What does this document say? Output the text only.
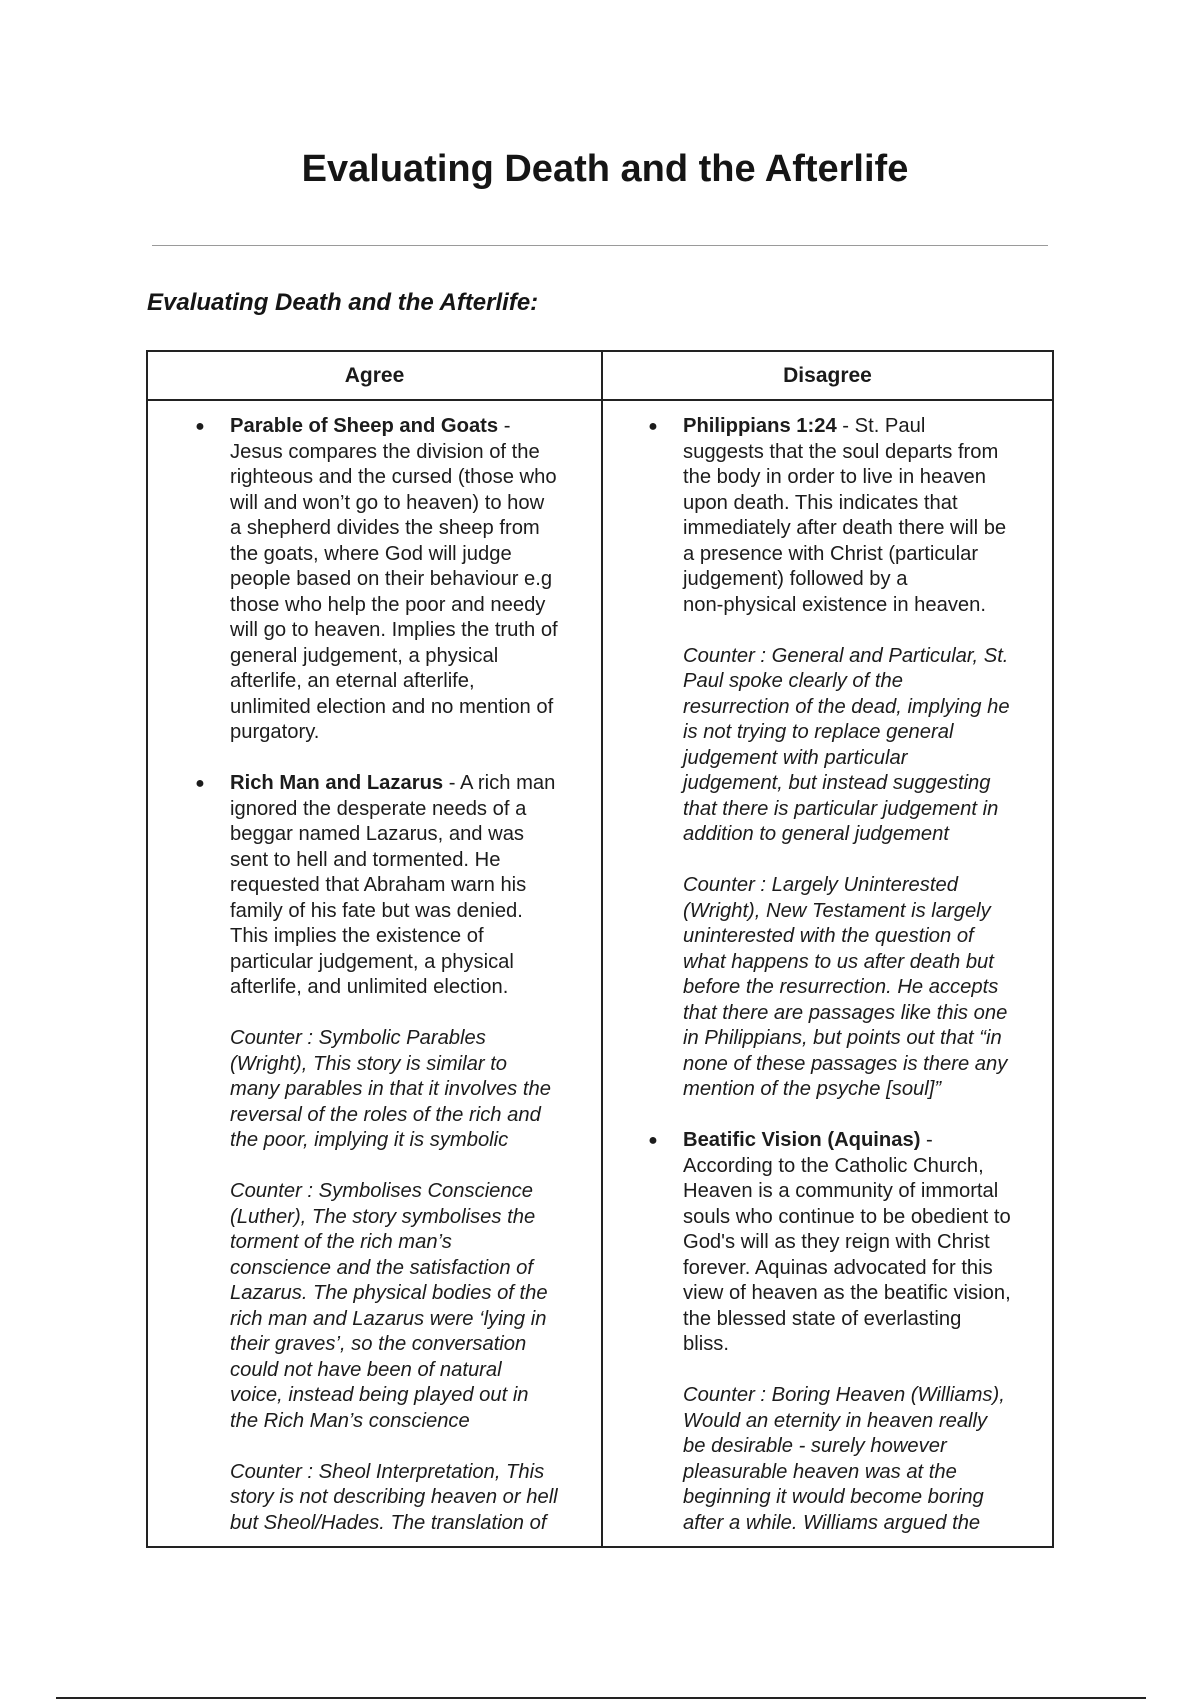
Evaluating Death and the Afterlife
Evaluating Death and the Afterlife:
Agree	Disagree
● Parable of Sheep and Goats -
Jesus compares the division of the
righteous and the cursed (those who
will and won’t go to heaven) to how
a shepherd divides the sheep from
the goats, where God will judge
people based on their behaviour e.g
those who help the poor and needy
will go to heaven. Implies the truth of
general judgement, a physical
afterlife, an eternal afterlife,
unlimited election and no mention of
purgatory.

● Rich Man and Lazarus - A rich man
ignored the desperate needs of a
beggar named Lazarus, and was
sent to hell and tormented. He
requested that Abraham warn his
family of his fate but was denied.
This implies the existence of
particular judgement, a physical
afterlife, and unlimited election.

Counter : Symbolic Parables
(Wright), This story is similar to
many parables in that it involves the
reversal of the roles of the rich and
the poor, implying it is symbolic

Counter : Symbolises Conscience
(Luther), The story symbolises the
torment of the rich man’s
conscience and the satisfaction of
Lazarus. The physical bodies of the
rich man and Lazarus were ‘lying in
their graves’, so the conversation
could not have been of natural
voice, instead being played out in
the Rich Man’s conscience

Counter : Sheol Interpretation, This
story is not describing heaven or hell
but Sheol/Hades. The translation of

● Philippians 1:24 - St. Paul
suggests that the soul departs from
the body in order to live in heaven
upon death. This indicates that
immediately after death there will be
a presence with Christ (particular
judgement) followed by a
non-physical existence in heaven.

Counter : General and Particular, St.
Paul spoke clearly of the
resurrection of the dead, implying he
is not trying to replace general
judgement with particular
judgement, but instead suggesting
that there is particular judgement in
addition to general judgement

Counter : Largely Uninterested
(Wright), New Testament is largely
uninterested with the question of
what happens to us after death but
before the resurrection. He accepts
that there are passages like this one
in Philippians, but points out that “in
none of these passages is there any
mention of the psyche [soul]”

● Beatific Vision (Aquinas) -
According to the Catholic Church,
Heaven is a community of immortal
souls who continue to be obedient to
God's will as they reign with Christ
forever. Aquinas advocated for this
view of heaven as the beatific vision,
the blessed state of everlasting
bliss.

Counter : Boring Heaven (Williams),
Would an eternity in heaven really
be desirable - surely however
pleasurable heaven was at the
beginning it would become boring
after a while. Williams argued the
